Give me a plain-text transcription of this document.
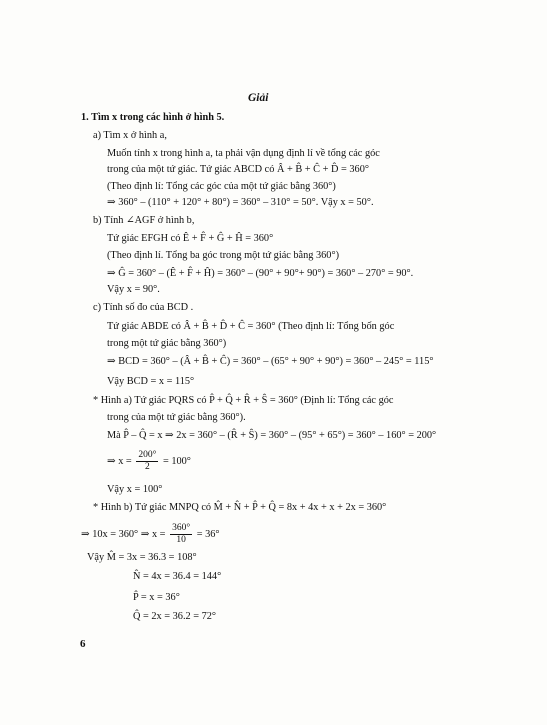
Giải
1. Tìm x trong các hình ở hình 5.
a) Tìm x ở hình a,
Muốn tính x trong hình a, ta phải vận dụng định lí về tổng các góc
trong của một tứ giác. Tứ giác ABCD có Â + B̂ + Ĉ + D̂ = 360°
(Theo định lí: Tổng các góc của một tứ giác bằng 360°)
⇒ 360° – (110° + 120° + 80°) = 360° – 310° = 50°. Vậy x = 50°.
b) Tính ∠AGF ở hình b,
Tứ giác EFGH có Ê + F̂ + Ĝ + Ĥ = 360°
(Theo định lí. Tổng ba góc trong một tứ giác bằng 360°)
⇒ Ĝ = 360° – (Ê + F̂ + Ĥ) = 360° – (90° + 90°+ 90°) = 360° – 270° = 90°.
Vậy x = 90°.
c) Tính số đo của BCD .
Tứ giác ABDE có Â + B̂ + D̂ + Ĉ = 360° (Theo định lí: Tổng bốn góc
trong một tứ giác bằng 360°)
⇒ BCD = 360° – (Â + B̂ + Ĉ) = 360° – (65° + 90° + 90°) = 360° – 245° = 115°
Vậy BCD = x = 115°
* Hình a) Tứ giác PQRS có P̂ + Q̂ + R̂ + Ŝ = 360° (Định lí: Tổng các góc
trong của một tứ giác bằng 360°).
Mà P̂ – Q̂ = x ⇒ 2x = 360° – (R̂ + Ŝ) = 360° – (95° + 65°) = 360° – 160° = 200°
⇒ $x = \frac{200^\circ}{2} = 100^\circ$
Vậy x = 100°
* Hình b) Tứ giác MNPQ có M̂ + N̂ + P̂ + Q̂ = 8x + 4x + x + 2x = 360°
⇒ 10x = 360° ⇒ $x = \frac{360^\circ}{10} = 36^\circ$
Vậy M̂ = 3x = 36.3 = 108°
N̂ = 4x = 36.4 = 144°
P̂ = x = 36°
Q̂ = 2x = 36.2 = 72°
6
